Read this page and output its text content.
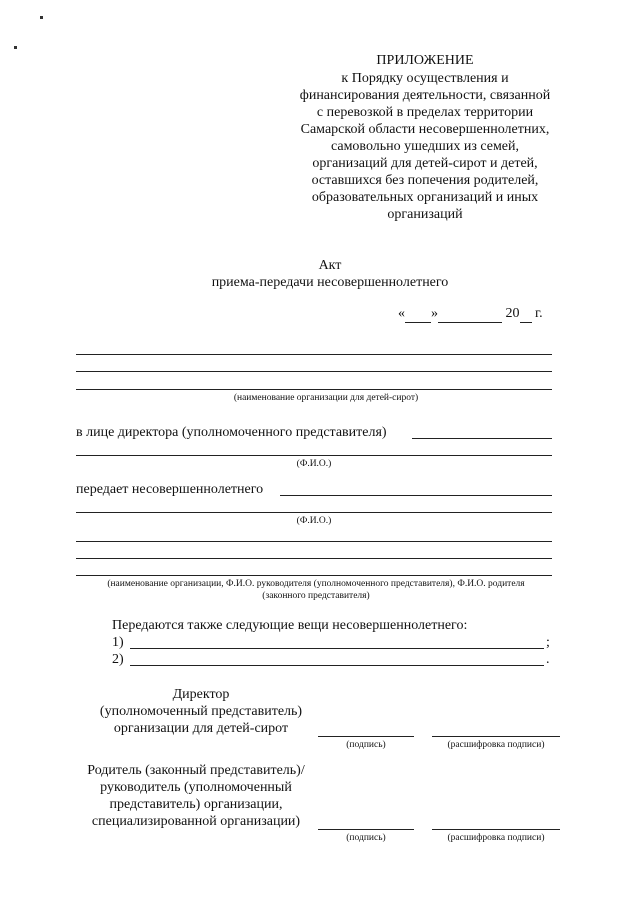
ПРИЛОЖЕНИЕ
к Порядку осуществления и
финансирования деятельности, связанной
с перевозкой в пределах территории
Самарской области несовершеннолетних,
самовольно ушедших из семей,
организаций для детей-сирот и детей,
оставшихся без попечения родителей,
образовательных организаций и иных
организаций
Акт
приема-передачи несовершеннолетнего
« »	20 г.
(наименование организации для детей-сирот)
в лице директора (уполномоченного представителя)
(Ф.И.О.)
передает несовершеннолетнего
(Ф.И.О.)
(наименование организации, Ф.И.О. руководителя (уполномоченного представителя), Ф.И.О. родителя
(законного представителя)
Передаются также следующие вещи несовершеннолетнего:
1)	;
2)	.
Директор
(уполномоченный представитель)
организации для детей-сирот
(подпись)	(расшифровка подписи)
Родитель (законный представитель)/
руководитель (уполномоченный
представитель) организации,
специализированной организации)
(подпись)	(расшифровка подписи)
